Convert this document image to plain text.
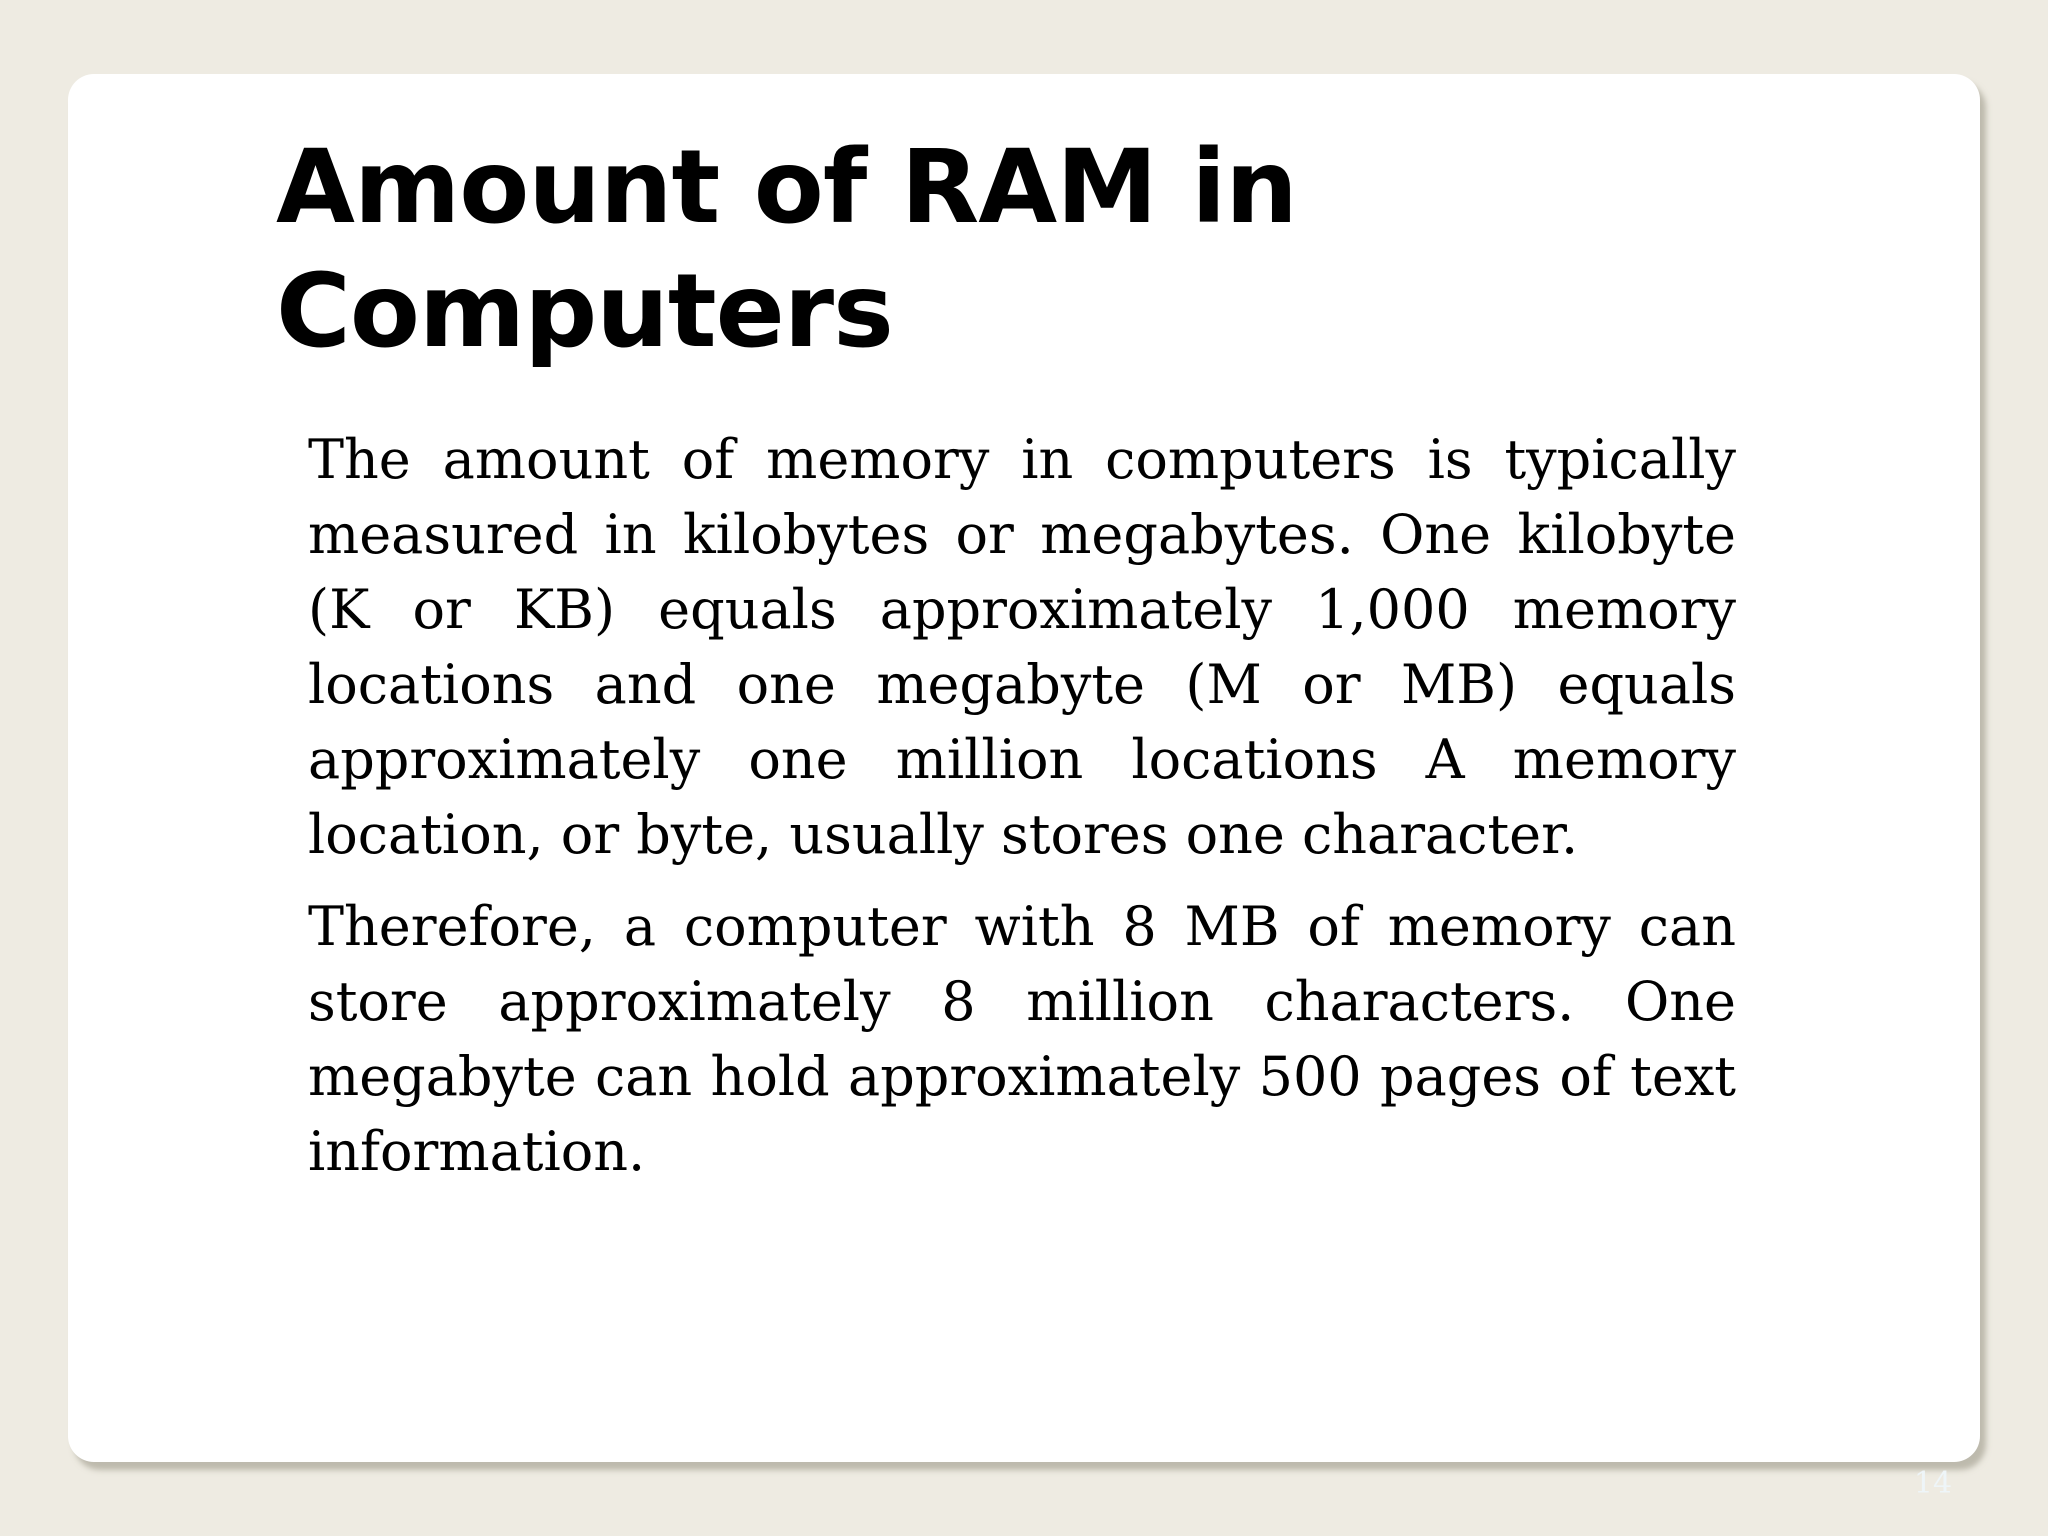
Amount of RAM in
Computers

The amount of memory in computers is typically measured in kilobytes or megabytes. One kilobyte (K or KB) equals approximately 1,000 memory locations and one megabyte (M or MB) equals approximately one million locations A memory location, or byte, usually stores one character.

Therefore, a computer with 8 MB of memory can store approximately 8 million characters. One megabyte can hold approximately 500 pages of text information.

14
